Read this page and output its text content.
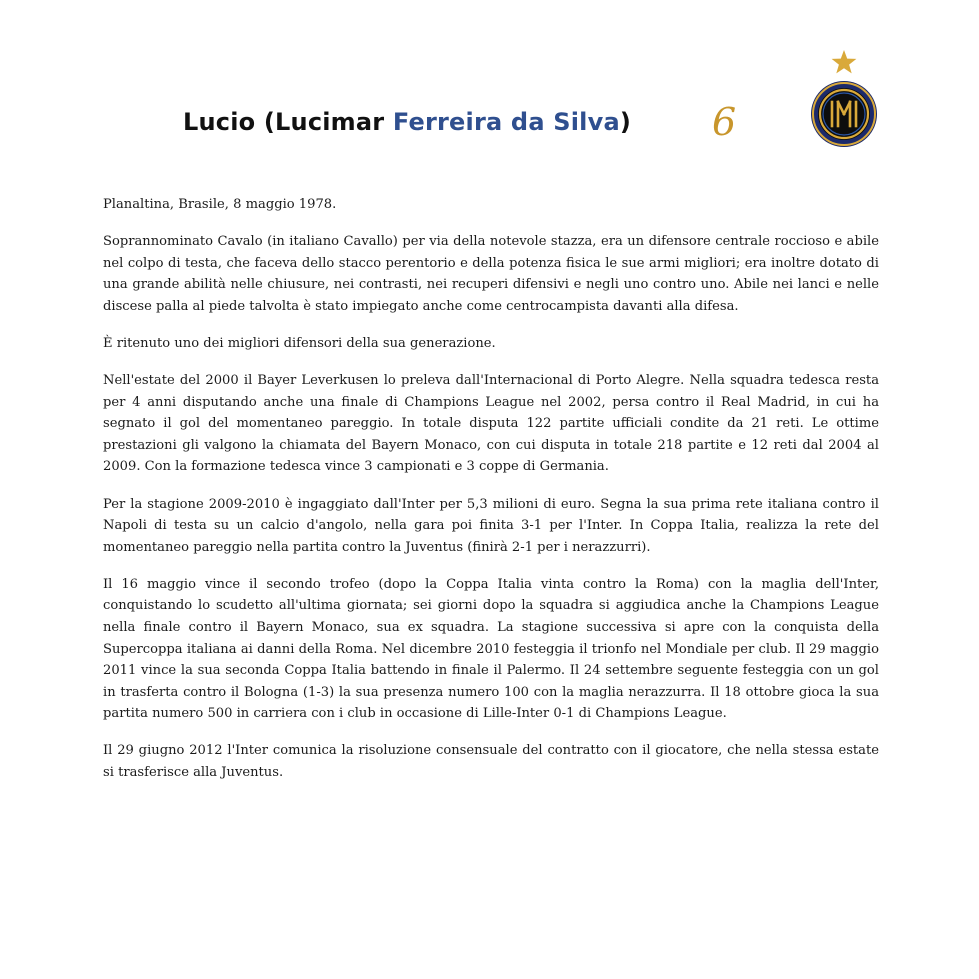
Lucio (Lucimar Ferreira da Silva) 6

Planaltina, Brasile, 8 maggio 1978.

Soprannominato Cavalo (in italiano Cavallo) per via della notevole stazza, era un difensore centrale roccioso e abile nel colpo di testa, che faceva dello stacco perentorio e della potenza fisica le sue armi migliori; era inoltre dotato di una grande abilità nelle chiusure, nei contrasti, nei recuperi difensivi e negli uno contro uno. Abile nei lanci e nelle discese palla al piede talvolta è stato impiegato anche come centrocampista davanti alla difesa.

È ritenuto uno dei migliori difensori della sua generazione.

Nell'estate del 2000 il Bayer Leverkusen lo preleva dall'Internacional di Porto Alegre. Nella squadra tedesca resta per 4 anni disputando anche una finale di Champions League nel 2002, persa contro il Real Madrid, in cui ha segnato il gol del momentaneo pareggio. In totale disputa 122 partite ufficiali condite da 21 reti. Le ottime prestazioni gli valgono la chiamata del Bayern Monaco, con cui disputa in totale 218 partite e 12 reti dal 2004 al 2009. Con la formazione tedesca vince 3 campionati e 3 coppe di Germania.

Per la stagione 2009-2010 è ingaggiato dall'Inter per 5,3 milioni di euro. Segna la sua prima rete italiana contro il Napoli di testa su un calcio d'angolo, nella gara poi finita 3-1 per l'Inter. In Coppa Italia, realizza la rete del momentaneo pareggio nella partita contro la Juventus (finirà 2-1 per i nerazzurri).

Il 16 maggio vince il secondo trofeo (dopo la Coppa Italia vinta contro la Roma) con la maglia dell'Inter, conquistando lo scudetto all'ultima giornata; sei giorni dopo la squadra si aggiudica anche la Champions League nella finale contro il Bayern Monaco, sua ex squadra. La stagione successiva si apre con la conquista della Supercoppa italiana ai danni della Roma. Nel dicembre 2010 festeggia il trionfo nel Mondiale per club. Il 29 maggio 2011 vince la sua seconda Coppa Italia battendo in finale il Palermo. Il 24 settembre seguente festeggia con un gol in trasferta contro il Bologna (1-3) la sua presenza numero 100 con la maglia nerazzurra. Il 18 ottobre gioca la sua partita numero 500 in carriera con i club in occasione di Lille-Inter 0-1 di Champions League.

Il 29 giugno 2012 l'Inter comunica la risoluzione consensuale del contratto con il giocatore, che nella stessa estate si trasferisce alla Juventus.
